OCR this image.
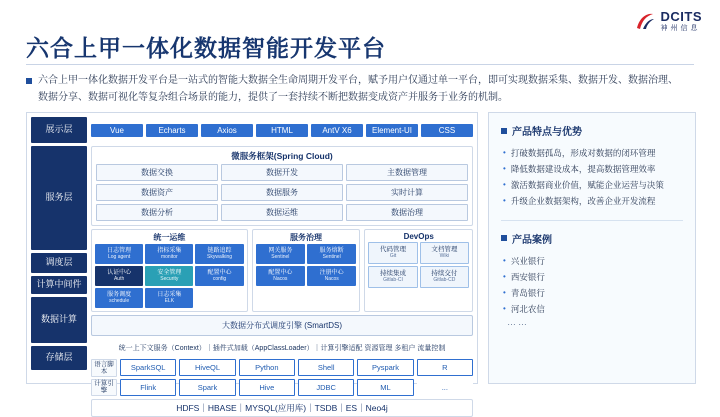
DCITS
神州信息
六合上甲一体化数据智能开发平台

六合上甲一体化数据开发平台是一站式的智能大数据全生命周期开发平台，赋予用户仅通过单一平台，即可实现数据采集、数据开发、数据治理、数据分享、数据可视化等复杂组合场景的能力，提供了一套持续不断把数据变成资产并服务于业务的机制。

展示层
服务层
调度层
计算中间件
数据计算
存储层
Vue	Echarts	Axios	HTML	AntV X6	Element-UI	CSS
微服务框架(Spring Cloud)
数据交换	数据开发	主数据管理
数据资产	数据服务	实时计算
数据分析	数据运维	数据治理
统一运维
日志管理
Log agent
指标采集
monitor
链路追踪
Skywalking
认证中心
Auth
安全管理
Security
配置中心
config
服务调度
schedule
日志采集
ELK
服务治理
网关服务
Sentinel
服务熔断
Sentinel
配置中心
Nacos
注册中心
Nacos
DevOps
代码管理
Git
文档管理
Wiki
持续集成
Gitlab-CI
持续交付
Gitlab-CD
大数据分布式调度引擎 (SmartDS)
统一上下文服务（Context）｜插件式加载（AppClassLoader）｜计算引擎适配 资源管理 多租户 流量控制
语言脚本
计算引擎
SparkSQL	HiveQL	Python	Shell	Pyspark	R
Flink	Spark	Hive	JDBC	ML	...
HDFS｜HBASE｜MYSQL(应用库)｜TSDB｜ES｜Neo4j
产品特点与优势
• 打破数据孤岛，形成对数据的闭环管理
• 降低数据建设成本，提高数据管理效率
• 激活数据商业价值，赋能企业运营与决策
• 升级企业数据架构，改善企业开发流程
产品案例
• 兴业银行
• 西安银行
• 青岛银行
• 河北农信
……
